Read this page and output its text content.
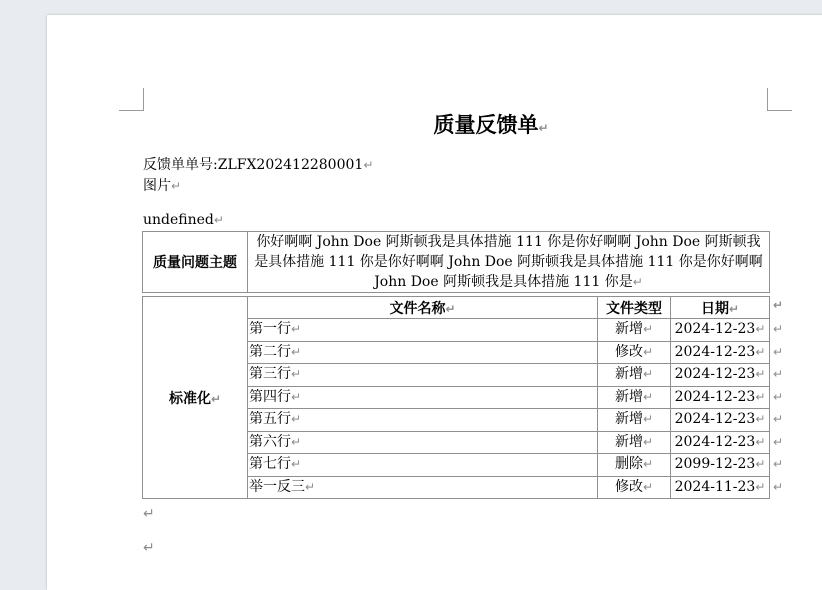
质量反馈单↵
反馈单单号:ZLFX202412280001↵
图片↵
undefined↵
质量问题主题	你好啊啊 John Doe 阿斯顿我是具体措施 111 你是你好啊啊 John Doe 阿斯顿我是具体措施 111 你是你好啊啊 John Doe 阿斯顿我是具体措施 111 你是你好啊啊 John Doe 阿斯顿我是具体措施 111 你是↵
标准化↵	文件名称↵	文件类型	日期↵ ↵

	第一行↵	新增↵	2024-12-23↵ ↵

	第二行↵	修改↵	2024-12-23↵ ↵

	第三行↵	新增↵	2024-12-23↵ ↵

	第四行↵	新增↵	2024-12-23↵ ↵

	第五行↵	新增↵	2024-12-23↵ ↵

	第六行↵	新增↵	2024-12-23↵ ↵

	第七行↵	删除↵	2099-12-23↵ ↵

	举一反三↵	修改↵	2024-11-23↵ ↵
↵
↵
